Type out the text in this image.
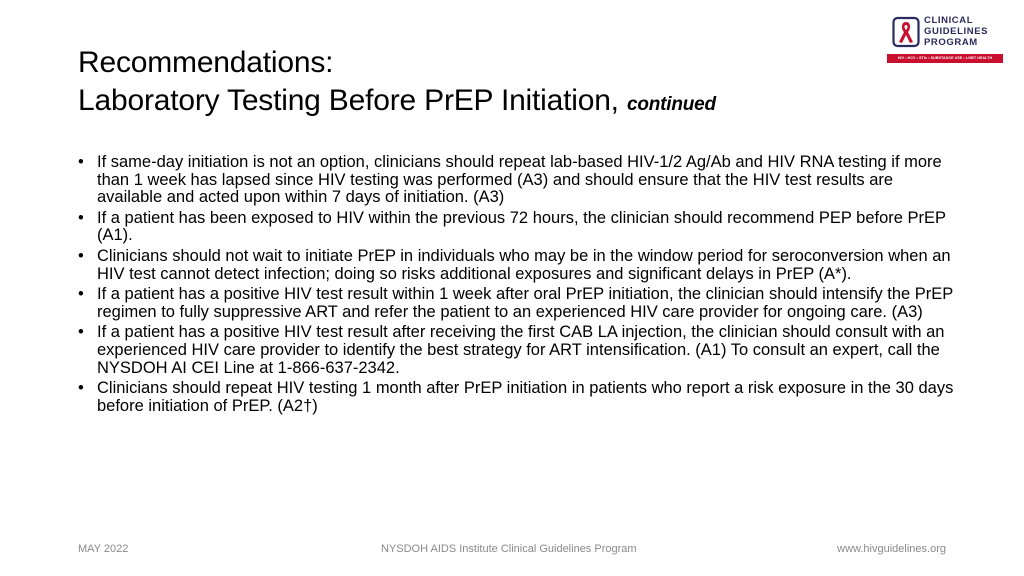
Recommendations:
Laboratory Testing Before PrEP Initiation, continued
CLINICAL
GUIDELINES
PROGRAM
HIV • HCV • STIs • SUBSTANCE USE • LGBT HEALTH
• If same-day initiation is not an option, clinicians should repeat lab-based HIV-1/2 Ag/Ab and HIV RNA testing if more than 1 week has lapsed since HIV testing was performed (A3) and should ensure that the HIV test results are available and acted upon within 7 days of initiation. (A3)
• If a patient has been exposed to HIV within the previous 72 hours, the clinician should recommend PEP before PrEP (A1).
• Clinicians should not wait to initiate PrEP in individuals who may be in the window period for seroconversion when an HIV test cannot detect infection; doing so risks additional exposures and significant delays in PrEP (A*).
• If a patient has a positive HIV test result within 1 week after oral PrEP initiation, the clinician should intensify the PrEP regimen to fully suppressive ART and refer the patient to an experienced HIV care provider for ongoing care. (A3)
• If a patient has a positive HIV test result after receiving the first CAB LA injection, the clinician should consult with an experienced HIV care provider to identify the best strategy for ART intensification. (A1) To consult an expert, call the NYSDOH AI CEI Line at 1-866-637-2342.
• Clinicians should repeat HIV testing 1 month after PrEP initiation in patients who report a risk exposure in the 30 days before initiation of PrEP. (A2†)
MAY 2022	NYSDOH AIDS Institute Clinical Guidelines Program	www.hivguidelines.org
